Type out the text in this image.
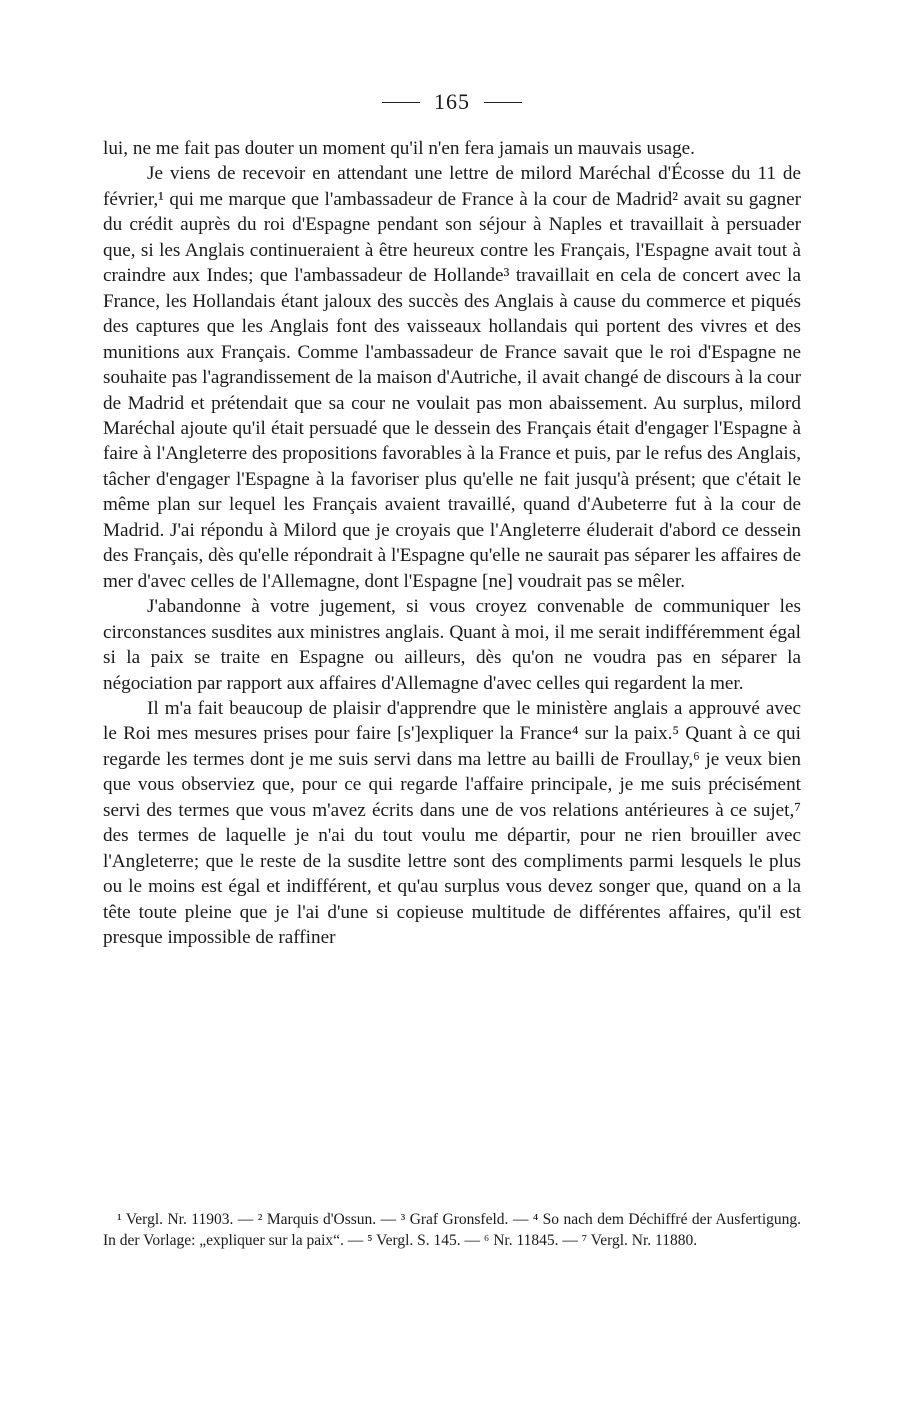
165

lui, ne me fait pas douter un moment qu'il n'en fera jamais un mauvais usage.

Je viens de recevoir en attendant une lettre de milord Maréchal d'Écosse du 11 de février,¹ qui me marque que l'ambassadeur de France à la cour de Madrid² avait su gagner du crédit auprès du roi d'Espagne pendant son séjour à Naples et travaillait à persuader que, si les Anglais continueraient à être heureux contre les Français, l'Espagne avait tout à craindre aux Indes; que l'ambassadeur de Hollande³ travaillait en cela de concert avec la France, les Hollandais étant jaloux des succès des Anglais à cause du commerce et piqués des captures que les Anglais font des vaisseaux hollandais qui portent des vivres et des munitions aux Français. Comme l'ambassadeur de France savait que le roi d'Espagne ne souhaite pas l'agrandissement de la maison d'Autriche, il avait changé de discours à la cour de Madrid et prétendait que sa cour ne voulait pas mon abaissement. Au surplus, milord Maréchal ajoute qu'il était persuadé que le dessein des Français était d'engager l'Espagne à faire à l'Angleterre des propositions favorables à la France et puis, par le refus des Anglais, tâcher d'engager l'Espagne à la favoriser plus qu'elle ne fait jusqu'à présent; que c'était le même plan sur lequel les Français avaient travaillé, quand d'Aubeterre fut à la cour de Madrid. J'ai répondu à Milord que je croyais que l'Angleterre éluderait d'abord ce dessein des Français, dès qu'elle répondrait à l'Espagne qu'elle ne saurait pas séparer les affaires de mer d'avec celles de l'Allemagne, dont l'Espagne [ne] voudrait pas se mêler.

J'abandonne à votre jugement, si vous croyez convenable de communiquer les circonstances susdites aux ministres anglais. Quant à moi, il me serait indifféremment égal si la paix se traite en Espagne ou ailleurs, dès qu'on ne voudra pas en séparer la négociation par rapport aux affaires d'Allemagne d'avec celles qui regardent la mer.

Il m'a fait beaucoup de plaisir d'apprendre que le ministère anglais a approuvé avec le Roi mes mesures prises pour faire [s']expliquer la France⁴ sur la paix.⁵ Quant à ce qui regarde les termes dont je me suis servi dans ma lettre au bailli de Froullay,⁶ je veux bien que vous observiez que, pour ce qui regarde l'affaire principale, je me suis précisément servi des termes que vous m'avez écrits dans une de vos relations antérieures à ce sujet,⁷ des termes de laquelle je n'ai du tout voulu me départir, pour ne rien brouiller avec l'Angleterre; que le reste de la susdite lettre sont des compliments parmi lesquels le plus ou le moins est égal et indifférent, et qu'au surplus vous devez songer que, quand on a la tête toute pleine que je l'ai d'une si copieuse multitude de différentes affaires, qu'il est presque impossible de raffiner

¹ Vergl. Nr. 11903. — ² Marquis d'Ossun. — ³ Graf Gronsfeld. — ⁴ So nach dem Déchiffré der Ausfertigung. In der Vorlage: „expliquer sur la paix“. — ⁵ Vergl. S. 145. — ⁶ Nr. 11845. — ⁷ Vergl. Nr. 11880.
